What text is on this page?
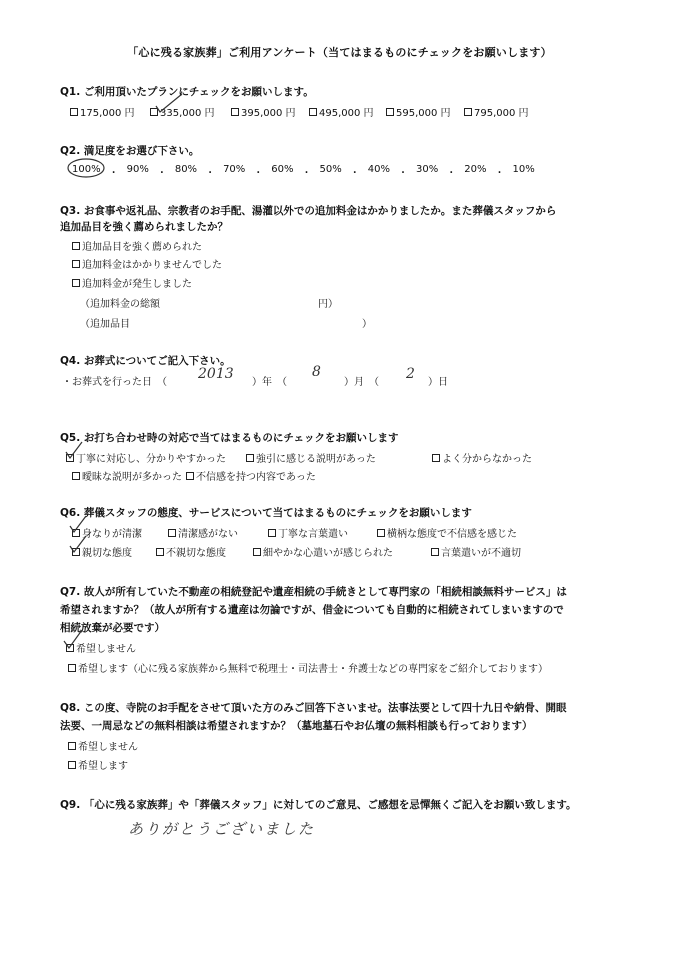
「心に残る家族葬」ご利用アンケート（当てはまるものにチェックをお願いします）
Q1. ご利用頂いたプランにチェックをお願いします。
175,000 円	335,000 円	395,000 円	495,000 円	595,000 円	795,000 円
Q2. 満足度をお選び下さい。
100% ・ 90% ・ 80% ・ 70% ・ 60% ・ 50% ・ 40% ・ 30% ・ 20% ・ 10%
Q3. お食事や返礼品、宗教者のお手配、湯灌以外での追加料金はかかりましたか。また葬儀スタッフから
追加品目を強く薦められましたか？
追加品目を強く薦められた
追加料金はかかりませんでした
追加料金が発生しました
（追加料金の総額	円）
（追加品目	）
Q4. お葬式についてご記入下さい。
・お葬式を行った日　（
2013
）年　（
8
）月　（
2
）日
Q5. お打ち合わせ時の対応で当てはまるものにチェックをお願いします
丁寧に対応し、分かりやすかった	強引に感じる説明があった	よく分からなかった
曖昧な説明が多かった	不信感を持つ内容であった
Q6. 葬儀スタッフの態度、サービスについて当てはまるものにチェックをお願いします
身なりが清潔	清潔感がない	丁寧な言葉遣い	横柄な態度で不信感を感じた
親切な態度	不親切な態度	細やかな心遣いが感じられた	言葉遣いが不適切
Q7. 故人が所有していた不動産の相続登記や遺産相続の手続きとして専門家の「相続相談無料サービス」は
希望されますか？（故人が所有する遺産は勿論ですが、借金についても自動的に相続されてしまいますので
相続放棄が必要です）
希望しません
希望します（心に残る家族葬から無料で税理士・司法書士・弁護士などの専門家をご紹介しております）
Q8. この度、寺院のお手配をさせて頂いた方のみご回答下さいませ。法事法要として四十九日や納骨、開眼
法要、一周忌などの無料相談は希望されますか？（墓地墓石やお仏壇の無料相談も行っております）
希望しません
希望します
Q9. 「心に残る家族葬」や「葬儀スタッフ」に対してのご意見、ご感想を忌憚無くご記入をお願い致します。
ありがとうございました
